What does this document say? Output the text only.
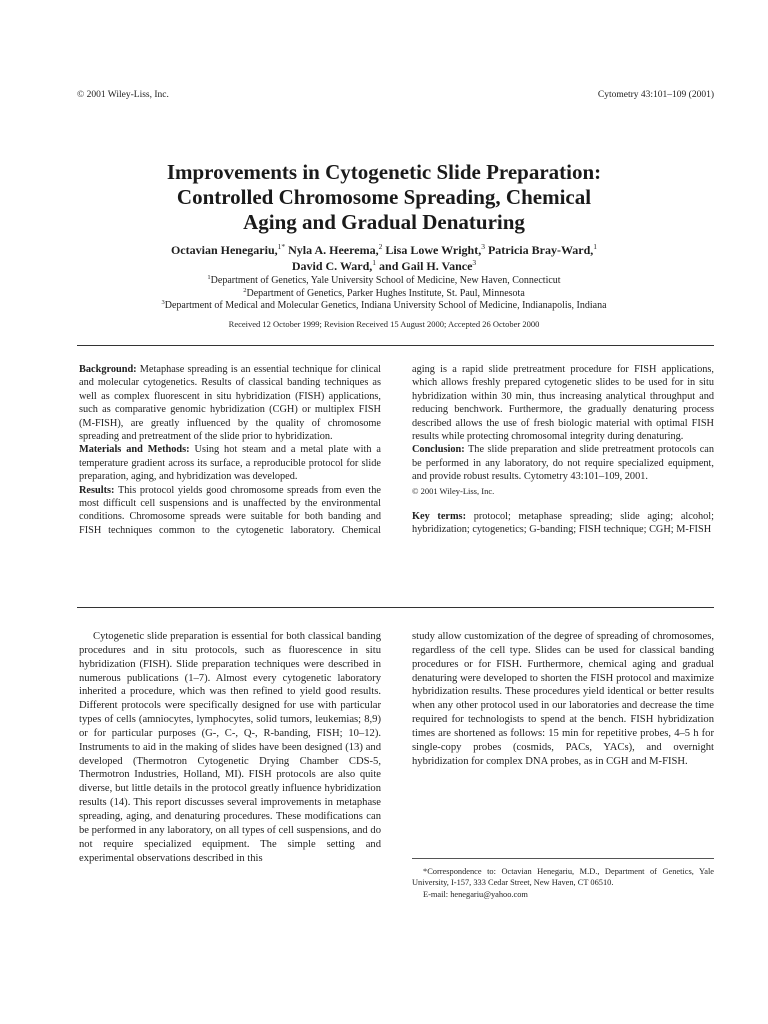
© 2001 Wiley-Liss, Inc.	Cytometry 43:101–109 (2001)
Improvements in Cytogenetic Slide Preparation:
Controlled Chromosome Spreading, Chemical
Aging and Gradual Denaturing
Octavian Henegariu,$^{1*}$ Nyla A. Heerema,$^2$ Lisa Lowe Wright,$^3$ Patricia Bray-Ward,$^1$
David C. Ward,$^1$ and Gail H. Vance$^3$
$^1$Department of Genetics, Yale University School of Medicine, New Haven, Connecticut
$^2$Department of Genetics, Parker Hughes Institute, St. Paul, Minnesota
$^3$Department of Medical and Molecular Genetics, Indiana University School of Medicine, Indianapolis, Indiana
Received 12 October 1999; Revision Received 15 August 2000; Accepted 26 October 2000

Background: Metaphase spreading is an essential technique for clinical and molecular cytogenetics. Results of classical banding techniques as well as complex fluorescent in situ hybridization (FISH) applications, such as comparative genomic hybridization (CGH) or multiplex FISH (M-FISH), are greatly influenced by the quality of chromosome spreading and pretreatment of the slide prior to hybridization.

Materials and Methods: Using hot steam and a metal plate with a temperature gradient across its surface, a reproducible protocol for slide preparation, aging, and hybridization was developed.

Results: This protocol yields good chromosome spreads from even the most difficult cell suspensions and is unaffected by the environmental conditions. Chromosome spreads were suitable for both banding and FISH techniques common to the cytogenetic laboratory. Chemical

aging is a rapid slide pretreatment procedure for FISH applications, which allows freshly prepared cytogenetic slides to be used for in situ hybridization within 30 min, thus increasing analytical throughput and reducing benchwork. Furthermore, the gradually denaturing process described allows the use of fresh biologic material with optimal FISH results while protecting chromosomal integrity during denaturing.

Conclusion: The slide preparation and slide pretreatment protocols can be performed in any laboratory, do not require specialized equipment, and provide robust results. Cytometry 43:101–109, 2001.

© 2001 Wiley-Liss, Inc.

Key terms: protocol; metaphase spreading; slide aging; alcohol; hybridization; cytogenetics; G-banding; FISH technique; CGH; M-FISH

Cytogenetic slide preparation is essential for both classical banding procedures and in situ protocols, such as fluorescence in situ hybridization (FISH). Slide preparation techniques were described in numerous publications (1–7). Almost every cytogenetic laboratory inherited a procedure, which was then refined to yield good results. Different protocols were specifically designed for use with particular types of cells (amniocytes, lymphocytes, solid tumors, leukemias; 8,9) or for particular purposes (G-, C-, Q-, R-banding, FISH; 10–12). Instruments to aid in the making of slides have been designed (13) and developed (Thermotron Cytogenetic Drying Chamber CDS-5, Thermotron Industries, Holland, MI). FISH protocols are also quite diverse, but little details in the protocol greatly influence hybridization results (14). This report discusses several improvements in metaphase spreading, aging, and denaturing procedures. These modifications can be performed in any laboratory, on all types of cell suspensions, and do not require specialized equipment. The simple setting and experimental observations described in this

study allow customization of the degree of spreading of chromosomes, regardless of the cell type. Slides can be used for classical banding procedures or for FISH. Furthermore, chemical aging and gradual denaturing were developed to shorten the FISH protocol and maximize hybridization results. These procedures yield identical or better results when any other protocol used in our laboratories and decrease the time required for technologists to spend at the bench. FISH hybridization times are shortened as follows: 15 min for repetitive probes, 4–5 h for single-copy probes (cosmids, PACs, YACs), and overnight hybridization for complex DNA probes, as in CGH and M-FISH.

*Correspondence to: Octavian Henegariu, M.D., Department of Genetics, Yale University, I-157, 333 Cedar Street, New Haven, CT 06510.

E-mail: henegariu@yahoo.com
